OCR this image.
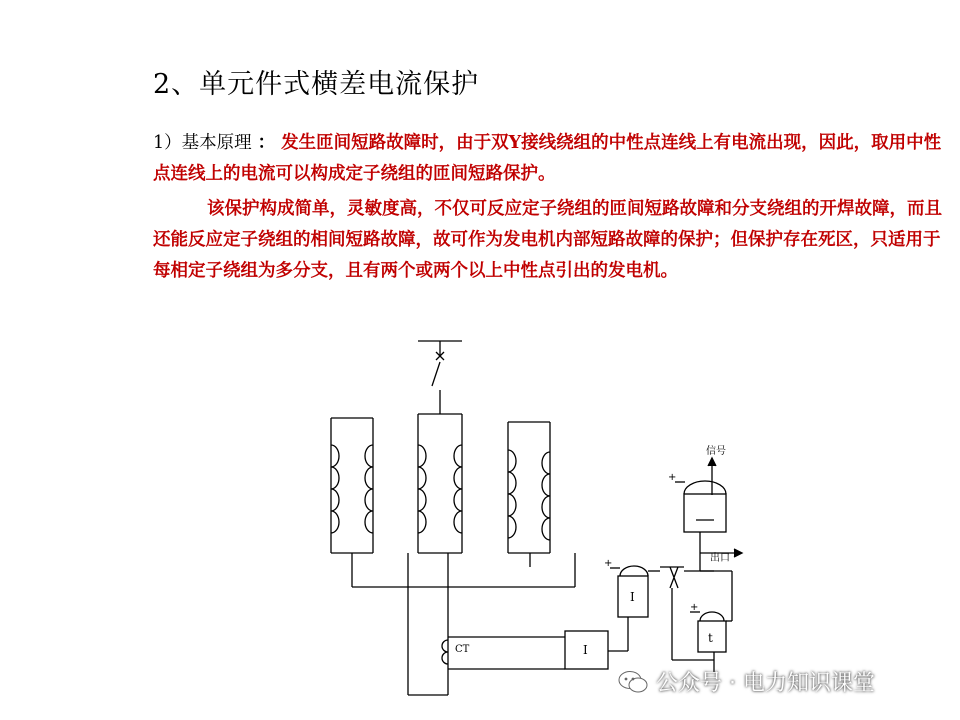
2、单元件式横差电流保护

1）基本原理 ： 发生匝间短路故障时，由于双Y接线绕组的中性点连线上有电流出现，因此，取用中性点连线上的电流可以构成定子绕组的匝间短路保护。

该保护构成简单，灵敏度高，不仅可反应定子绕组的匝间短路故障和分支绕组的开焊故障，而且还能反应定子绕组的相间短路故障，故可作为发电机内部短路故障的保护；但保护存在死区，只适用于每相定子绕组为多分支，且有两个或两个以上中性点引出的发电机。

CT	I
+
I
+
t
+
信号
出口
公众号 · 电力知识课堂
